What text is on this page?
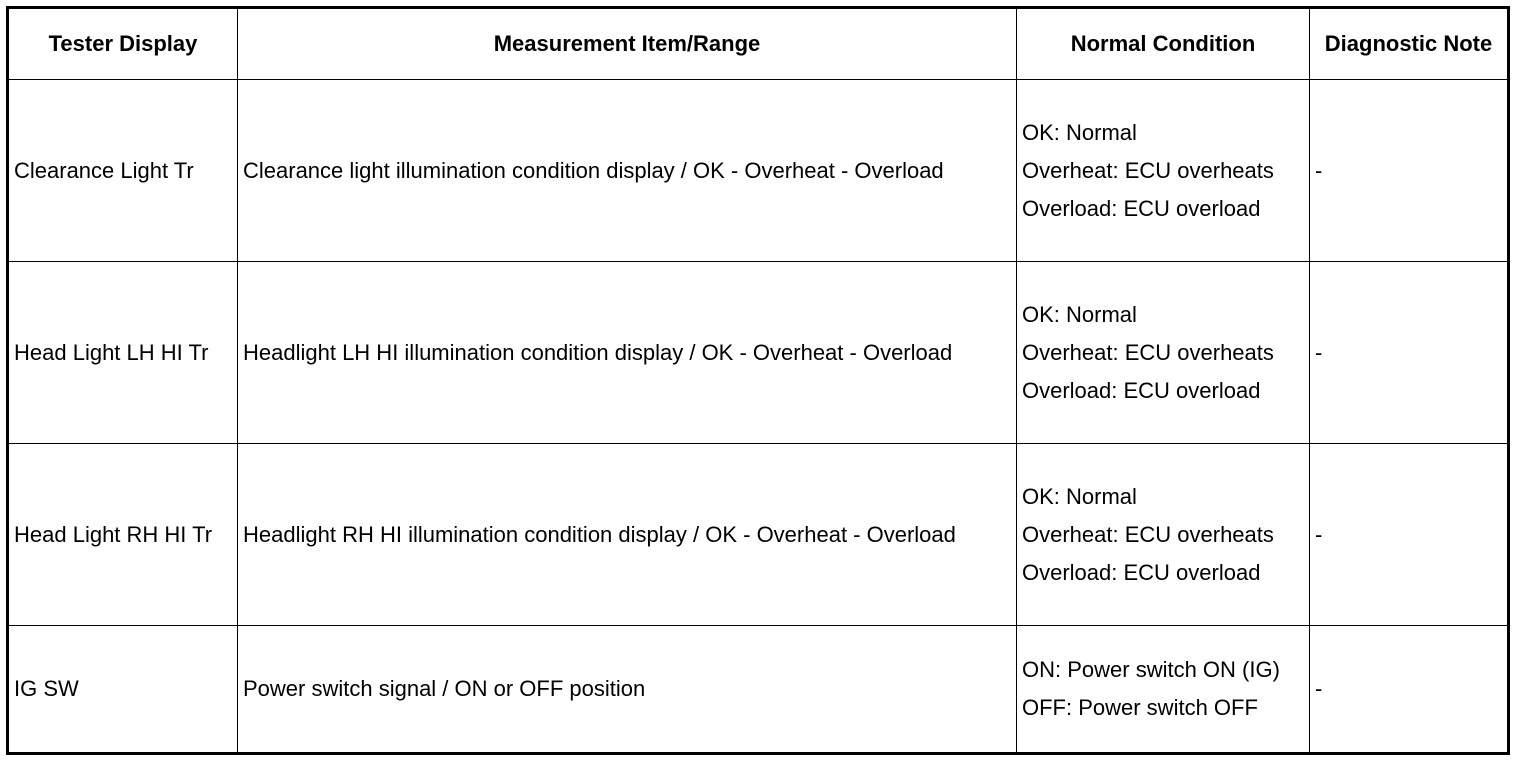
Tester Display	Measurement Item/Range	Normal Condition	Diagnostic Note
Clearance Light Tr	Clearance light illumination condition display / OK - Overheat - Overload	OK: Normal
Overheat: ECU overheats
Overload: ECU overload	-
Head Light LH HI Tr	Headlight LH HI illumination condition display / OK - Overheat - Overload	OK: Normal
Overheat: ECU overheats
Overload: ECU overload	-
Head Light RH HI Tr	Headlight RH HI illumination condition display / OK - Overheat - Overload	OK: Normal
Overheat: ECU overheats
Overload: ECU overload	-
IG SW	Power switch signal / ON or OFF position	ON: Power switch ON (IG)
OFF: Power switch OFF	-
